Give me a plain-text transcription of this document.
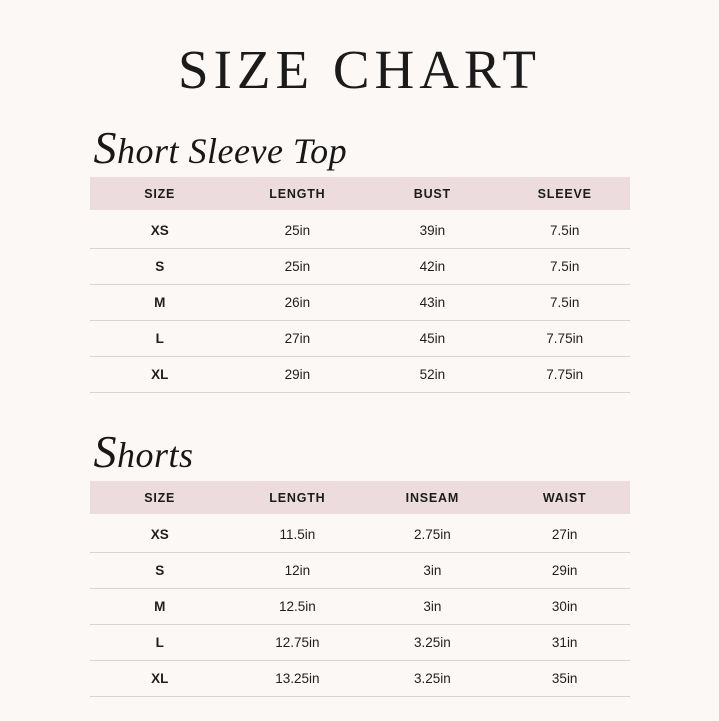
SIZE CHART
Short Sleeve Top
SIZE	LENGTH	BUST	SLEEVE
XS	25in	39in	7.5in
S	25in	42in	7.5in
M	26in	43in	7.5in
L	27in	45in	7.75in
XL	29in	52in	7.75in
Shorts
SIZE	LENGTH	INSEAM	WAIST
XS	11.5in	2.75in	27in
S	12in	3in	29in
M	12.5in	3in	30in
L	12.75in	3.25in	31in
XL	13.25in	3.25in	35in
